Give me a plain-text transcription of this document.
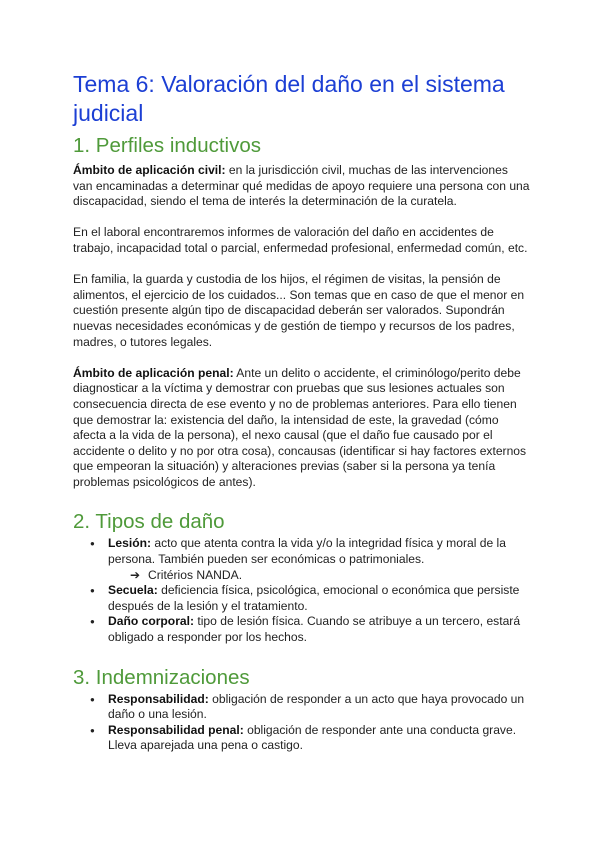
Tema 6: Valoración del daño en el sistema judicial
1. Perfiles inductivos

Ámbito de aplicación civil: en la jurisdicción civil, muchas de las intervenciones van encaminadas a determinar qué medidas de apoyo requiere una persona con una discapacidad, siendo el tema de interés la determinación de la curatela.

En el laboral encontraremos informes de valoración del daño en accidentes de trabajo, incapacidad total o parcial, enfermedad profesional, enfermedad común, etc.

En familia, la guarda y custodia de los hijos, el régimen de visitas, la pensión de alimentos, el ejercicio de los cuidados... Son temas que en caso de que el menor en cuestión presente algún tipo de discapacidad deberán ser valorados. Supondrán nuevas necesidades económicas y de gestión de tiempo y recursos de los padres, madres, o tutores legales.

Ámbito de aplicación penal: Ante un delito o accidente, el criminólogo/perito debe diagnosticar a la víctima y demostrar con pruebas que sus lesiones actuales son consecuencia directa de ese evento y no de problemas anteriores. Para ello tienen que demostrar la: existencia del daño, la intensidad de este, la gravedad (cómo afecta a la vida de la persona), el nexo causal (que el daño fue causado por el accidente o delito y no por otra cosa), concausas (identificar si hay factores externos que empeoran la situación) y alteraciones previas (saber si la persona ya tenía problemas psicológicos de antes).

2. Tipos de daño
● Lesión: acto que atenta contra la vida y/o la integridad física y moral de la persona. También pueden ser económicas o patrimoniales.
➔ Critérios NANDA.
● Secuela: deficiencia física, psicológica, emocional o económica que persiste después de la lesión y el tratamiento.
● Daño corporal: tipo de lesión física. Cuando se atribuye a un tercero, estará obligado a responder por los hechos.
3. Indemnizaciones
● Responsabilidad: obligación de responder a un acto que haya provocado un daño o una lesión.
● Responsabilidad penal: obligación de responder ante una conducta grave. Lleva aparejada una pena o castigo.
